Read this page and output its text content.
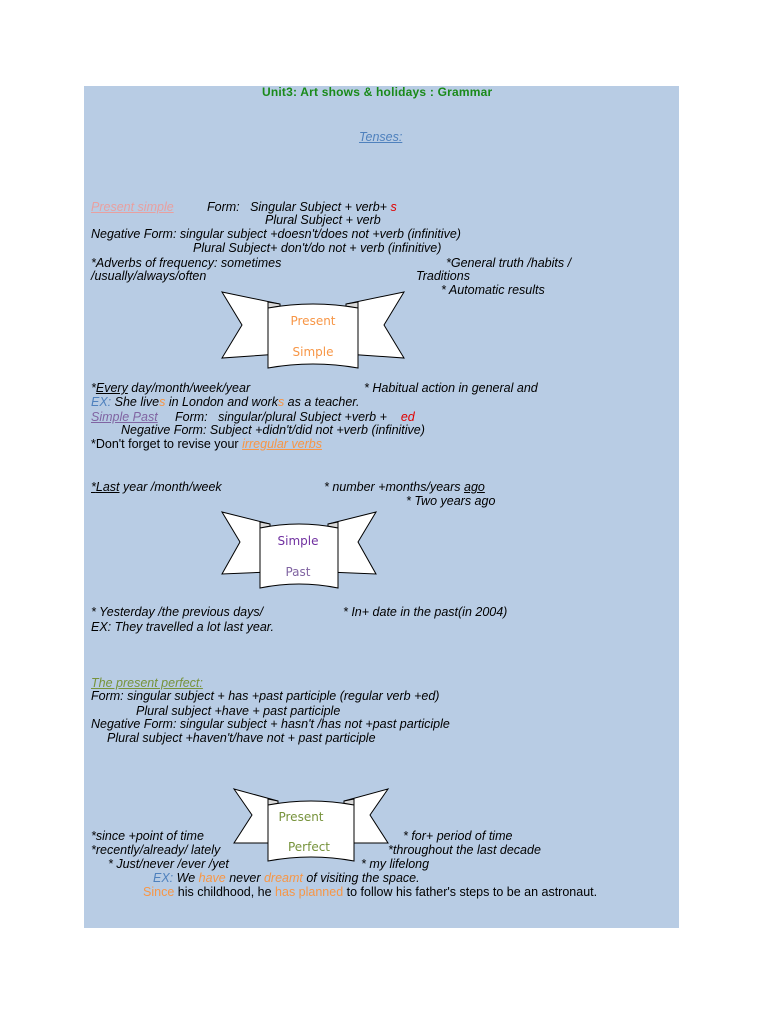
Unit3: Art shows & holidays : Grammar
Tenses:
Present simple	Form: Singular Subject + verb+ s
Plural Subject + verb
Negative Form: singular subject +doesn't/does not +verb (infinitive)
Plural Subject+ don't/do not + verb (infinitive)
*Adverbs of frequency: sometimes	*General truth /habits /
/usually/always/often	Traditions
* Automatic results
Present
Simple
*Every day/month/week/year	* Habitual action in general and
EX: She lives in London and works as a teacher.
Simple Past Form: singular/plural Subject +verb + ed
Negative Form: Subject +didn't/did not +verb (infinitive)
*Don't forget to revise your irregular verbs
*Last year /month/week	* number +months/years ago
* Two years ago
Simple
Past
* Yesterday /the previous days/	* In+ date in the past(in 2004)
EX: They travelled a lot last year.
The present perfect:
Form: singular subject + has +past participle (regular verb +ed)
Plural subject +have + past participle
Negative Form: singular subject + hasn't /has not +past participle
Plural subject +haven't/have not + past participle
Present
Perfect
*since +point of time	* for+ period of time
*recently/already/ lately	*throughout the last decade
* Just/never /ever /yet	* my lifelong
EX: We have never dreamt of visiting the space.
Since his childhood, he has planned to follow his father's steps to be an astronaut.
